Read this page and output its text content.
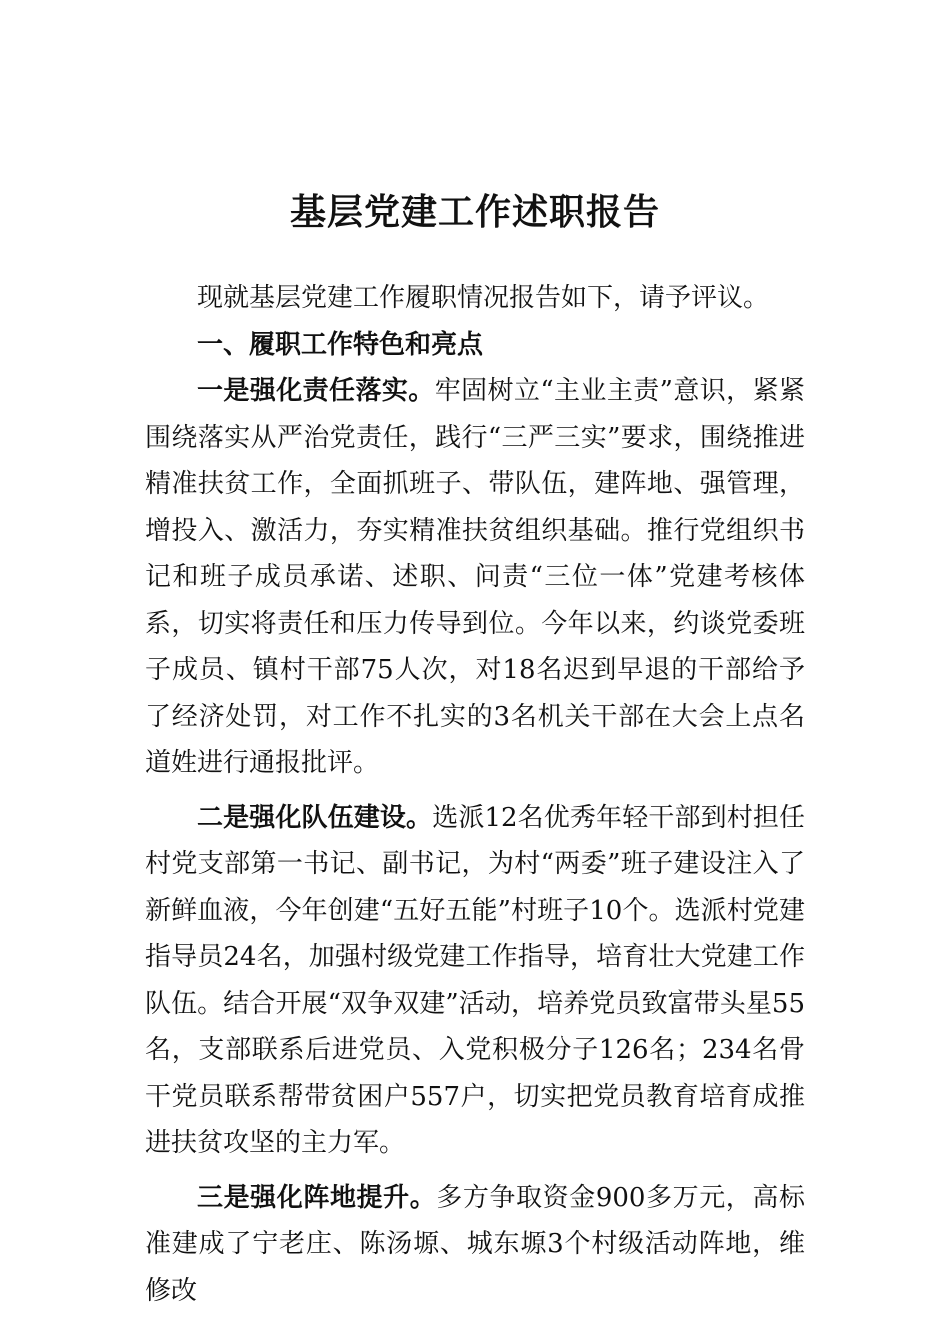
基层党建工作述职报告

现就基层党建工作履职情况报告如下，请予评议。

一、履职工作特色和亮点

一是强化责任落实。牢固树立“主业主责”意识，紧紧围绕落实从严治党责任，践行“三严三实”要求，围绕推进精准扶贫工作，全面抓班子、带队伍，建阵地、强管理，增投入、激活力，夯实精准扶贫组织基础。推行党组织书记和班子成员承诺、述职、问责“三位一体”党建考核体系，切实将责任和压力传导到位。今年以来，约谈党委班子成员、镇村干部75人次，对18名迟到早退的干部给予了经济处罚，对工作不扎实的3名机关干部在大会上点名道姓进行通报批评。

二是强化队伍建设。选派12名优秀年轻干部到村担任村党支部第一书记、副书记，为村“两委”班子建设注入了新鲜血液，今年创建“五好五能”村班子10个。选派村党建指导员24名，加强村级党建工作指导，培育壮大党建工作队伍。结合开展“双争双建”活动，培养党员致富带头星55名，支部联系后进党员、入党积极分子126名；234名骨干党员联系帮带贫困户557户，切实把党员教育培育成推进扶贫攻坚的主力军。

三是强化阵地提升。多方争取资金900多万元，高标准建成了宁老庄、陈汤塬、城东塬3个村级活动阵地，维修改
